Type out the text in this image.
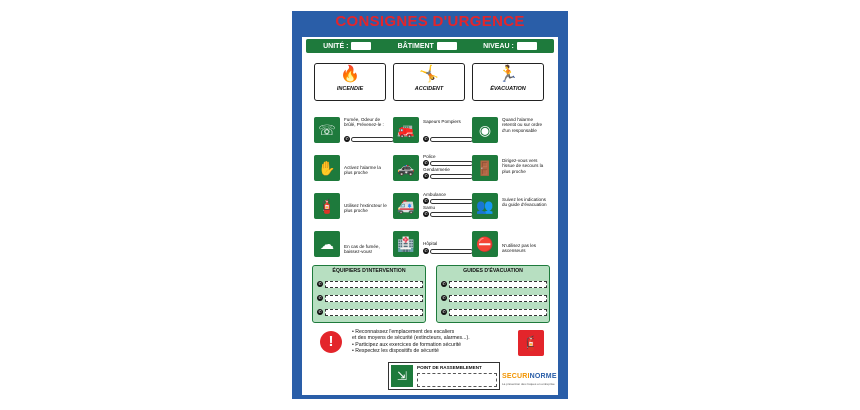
CONSIGNES D'URGENCE
UNITÉ :	BÂTIMENT	NIVEAU :
🔥
INCENDIE
🤸
ACCIDENT
🏃
ÉVACUATION
☏
Fumée, Odeur de brûlé, Prévenez-le :
✆
🚒
Sapeurs Pompiers
✆
◉
Quand l'alarme retentit ou sur ordre d'un responsable
✋	Activez l'alarme la plus proche	🚓
Police
✆
Gendarmerie
✆	🚪	Dirigez-vous vers l'issue de secours la plus proche
🧯	Utilisez l'extincteur le plus proche	🚑
Ambulance
✆
Samu
✆	👥	Suivez les indications du guide d'évacuation
☁	En cas de fumée, baissez-vous!	🏥	Hôpital
✆	⛔	N'utilisez pas les ascenseurs
ÉQUIPIERS D'INTERVENTION
✆
✆
✆
GUIDES D'ÉVACUATION
✆
✆
✆
!
• Reconnaissez l'emplacement des escaliers
et des moyens de sécurité (extincteurs, alarmes...).
• Participez aux exercices de formation sécurité
• Respectez les dispositifs de sécurité
🧯
⇲
POINT DE RASSEMBLEMENT
SECURINORME
La prévention des risques en entreprise
